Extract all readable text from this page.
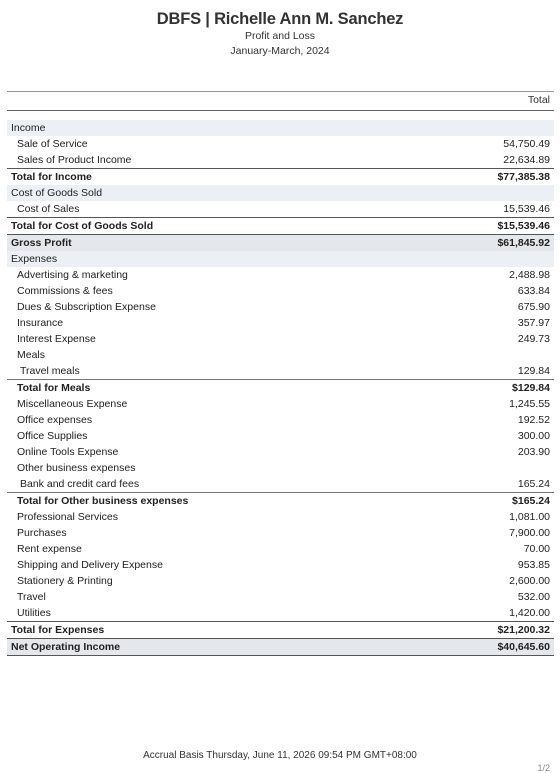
DBFS | Richelle Ann M. Sanchez
Profit and Loss
January-March, 2024
Total
Income
Sale of Service	54,750.49
Sales of Product Income	22,634.89
Total for Income	$77,385.38
Cost of Goods Sold
Cost of Sales	15,539.46
Total for Cost of Goods Sold	$15,539.46
Gross Profit	$61,845.92
Expenses
Advertising & marketing	2,488.98
Commissions & fees	633.84
Dues & Subscription Expense	675.90
Insurance	357.97
Interest Expense	249.73
Meals
Travel meals	129.84
Total for Meals	$129.84
Miscellaneous Expense	1,245.55
Office expenses	192.52
Office Supplies	300.00
Online Tools Expense	203.90
Other business expenses
Bank and credit card fees	165.24
Total for Other business expenses	$165.24
Professional Services	1,081.00
Purchases	7,900.00
Rent expense	70.00
Shipping and Delivery Expense	953.85
Stationery & Printing	2,600.00
Travel	532.00
Utilities	1,420.00
Total for Expenses	$21,200.32
Net Operating Income	$40,645.60
Accrual Basis Thursday, June 11, 2026 09:54 PM GMT+08:00
1/2
